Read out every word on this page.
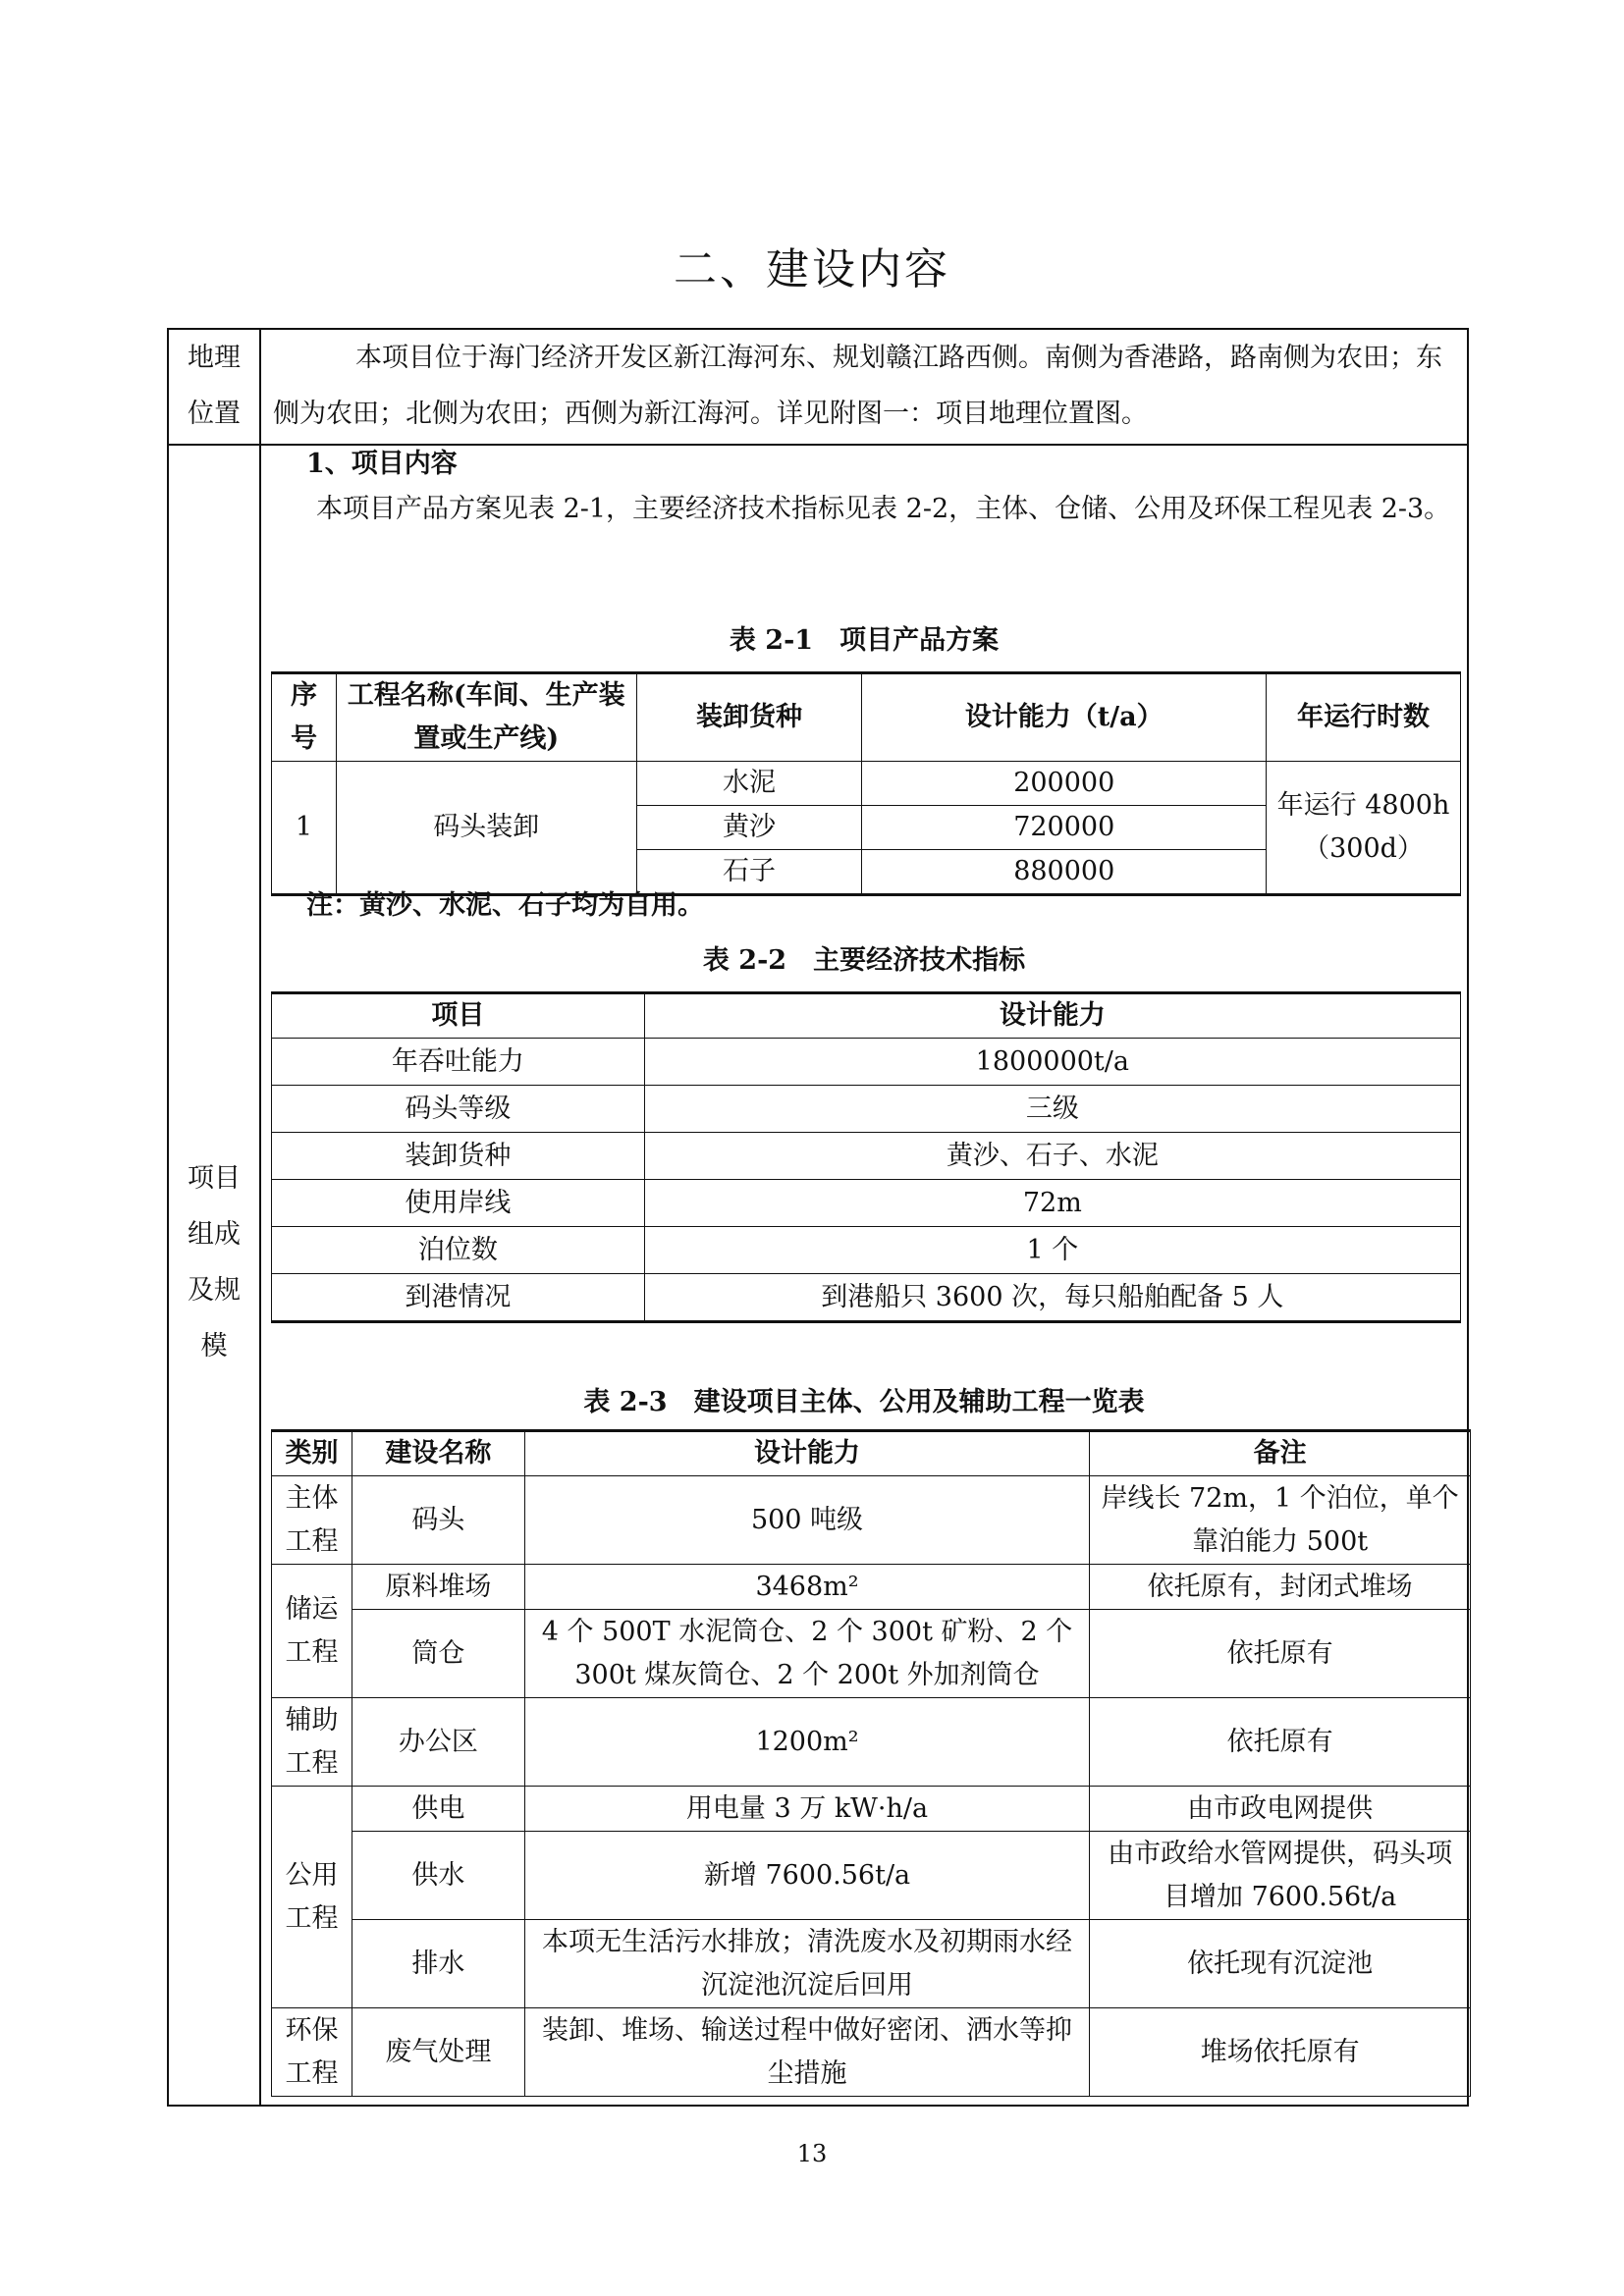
二、建设内容
地理
位置
本项目位于海门经济开发区新江海河东、规划赣江路西侧。南侧为香港路，路南侧为农田；东侧为农田；北侧为农田；西侧为新江海河。详见附图一：项目地理位置图。
项目
组成
及规
模
1、项目内容
本项目产品方案见表 2-1，主要经济技术指标见表 2-2，主体、仓储、公用及环保工程见表 2-3。
表 2-1　项目产品方案
序号	工程名称(车间、生产装置或生产线)	装卸货种	设计能力（t/a）	年运行时数
1	码头装卸	水泥	200000	年运行 4800h（300d）
		黄沙	720000	
		石子	880000	
注：黄沙、水泥、石子均为自用。
表 2-2　主要经济技术指标
项目	设计能力
年吞吐能力	1800000t/a
码头等级	三级
装卸货种	黄沙、石子、水泥
使用岸线	72m
泊位数	1 个
到港情况	到港船只 3600 次，每只船舶配备 5 人
表 2-3　建设项目主体、公用及辅助工程一览表
类别	建设名称	设计能力	备注
主体工程	码头	500 吨级	岸线长 72m，1 个泊位，单个靠泊能力 500t
储运工程	原料堆场	3468m²	依托原有，封闭式堆场
	筒仓	4 个 500T 水泥筒仓、2 个 300t 矿粉、2 个 300t 煤灰筒仓、2 个 200t 外加剂筒仓	依托原有
辅助工程	办公区	1200m²	依托原有
公用工程	供电	用电量 3 万 kW·h/a	由市政电网提供
	供水	新增 7600.56t/a	由市政给水管网提供，码头项目增加 7600.56t/a
	排水	本项无生活污水排放；清洗废水及初期雨水经沉淀池沉淀后回用	依托现有沉淀池
环保工程	废气处理	装卸、堆场、输送过程中做好密闭、洒水等抑尘措施	堆场依托原有
13
